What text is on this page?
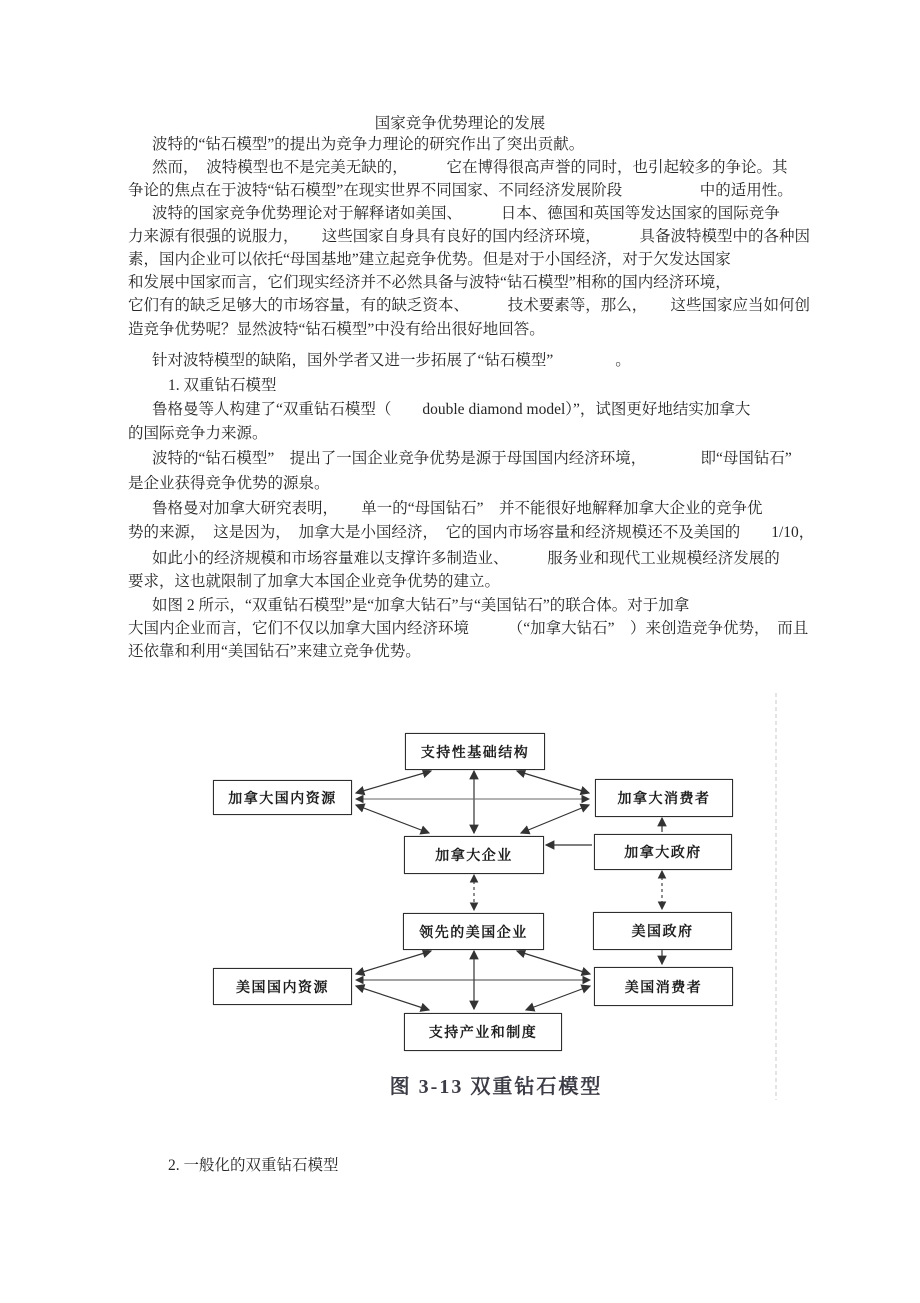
国家竞争优势理论的发展
波特的“钻石模型”的提出为竞争力理论的研究作出了突出贡献。
然而，　波特模型也不是完美无缺的，　　　它在博得很高声誉的同时，也引起较多的争论。其
争论的焦点在于波特“钻石模型”在现实世界不同国家、不同经济发展阶段　　　　　中的适用性。
波特的国家竞争优势理论对于解释诸如美国、　　　日本、德国和英国等发达国家的国际竞争
力来源有很强的说服力，　　这些国家自身具有良好的国内经济环境，　　　具备波特模型中的各种因
素，国内企业可以依托“母国基地”建立起竞争优势。但是对于小国经济，对于欠发达国家
和发展中国家而言，它们现实经济并不必然具备与波特“钻石模型”相称的国内经济环境，
它们有的缺乏足够大的市场容量，有的缺乏资本、　　　技术要素等，那么，　　这些国家应当如何创
造竞争优势呢？显然波特“钻石模型”中没有给出很好地回答。
针对波特模型的缺陷，国外学者又进一步拓展了“钻石模型”　　　　。
1. 双重钻石模型
鲁格曼等人构建了“双重钻石模型（　　double diamond model）”，试图更好地结实加拿大
的国际竞争力来源。
波特的“钻石模型”　提出了一国企业竞争优势是源于母国国内经济环境，　　　　即“母国钻石”
是企业获得竞争优势的源泉。
鲁格曼对加拿大研究表明，　　单一的“母国钻石”　并不能很好地解释加拿大企业的竞争优
势的来源，　这是因为，　加拿大是小国经济，　它的国内市场容量和经济规模还不及美国的　　1/10，
如此小的经济规模和市场容量难以支撑许多制造业、　　　服务业和现代工业规模经济发展的
要求，这也就限制了加拿大本国企业竞争优势的建立。
如图 2 所示，“双重钻石模型”是“加拿大钻石”与“美国钻石”的联合体。对于加拿
大国内企业而言，它们不仅以加拿大国内经济环境　　　（“加拿大钻石”　）来创造竞争优势，　而且
还依靠和利用“美国钻石”来建立竞争优势。
支持性基础结构
加拿大国内资源	加拿大消费者
加拿大企业	加拿大政府
领先的美国企业	美国政府
美国国内资源	美国消费者
支持产业和制度
图 3-13 双重钻石模型
2. 一般化的双重钻石模型
